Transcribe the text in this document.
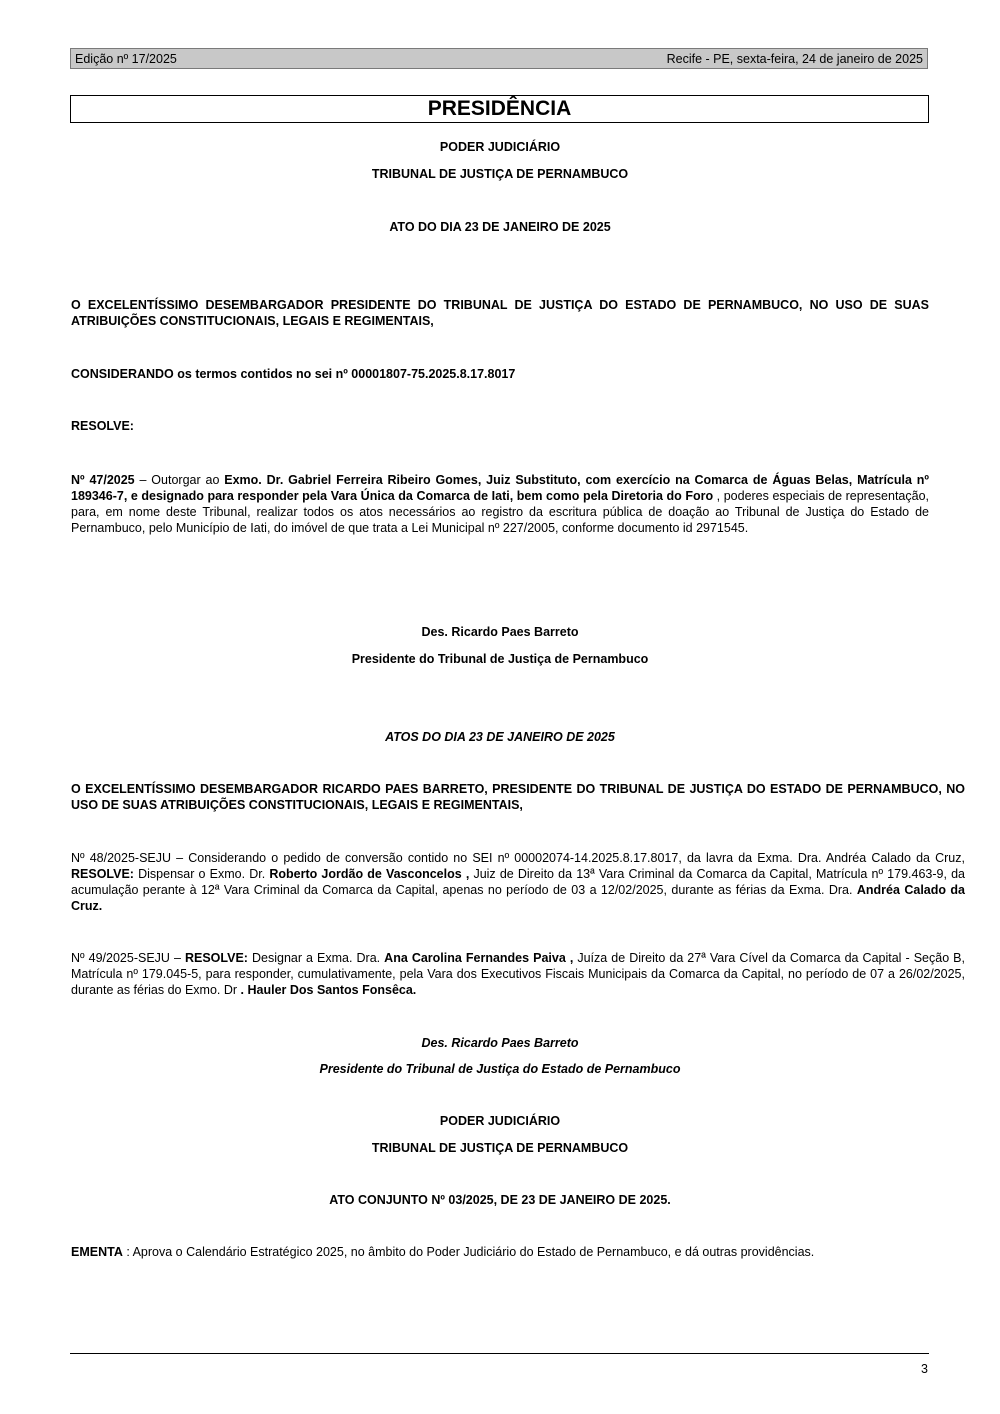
Edição nº 17/2025	Recife - PE, sexta-feira, 24 de janeiro de 2025
PRESIDÊNCIA
PODER JUDICIÁRIO
TRIBUNAL DE JUSTIÇA DE PERNAMBUCO
ATO DO DIA 23 DE JANEIRO DE 2025
O EXCELENTÍSSIMO DESEMBARGADOR PRESIDENTE DO TRIBUNAL DE JUSTIÇA DO ESTADO DE PERNAMBUCO, NO USO DE SUAS ATRIBUIÇÕES CONSTITUCIONAIS, LEGAIS E REGIMENTAIS,
CONSIDERANDO os termos contidos no sei nº 00001807-75.2025.8.17.8017
RESOLVE:
Nº 47/2025 – Outorgar ao Exmo. Dr. Gabriel Ferreira Ribeiro Gomes, Juiz Substituto, com exercício na Comarca de Águas Belas, Matrícula nº 189346-7, e designado para responder pela Vara Única da Comarca de Iati, bem como pela Diretoria do Foro , poderes especiais de representação, para, em nome deste Tribunal, realizar todos os atos necessários ao registro da escritura pública de doação ao Tribunal de Justiça do Estado de Pernambuco, pelo Município de Iati, do imóvel de que trata a Lei Municipal nº 227/2005, conforme documento id 2971545.
Des. Ricardo Paes Barreto
Presidente do Tribunal de Justiça de Pernambuco
ATOS DO DIA 23 DE JANEIRO DE 2025
O EXCELENTÍSSIMO DESEMBARGADOR RICARDO PAES BARRETO, PRESIDENTE DO TRIBUNAL DE JUSTIÇA DO ESTADO DE PERNAMBUCO, NO USO DE SUAS ATRIBUIÇÕES CONSTITUCIONAIS, LEGAIS E REGIMENTAIS,
Nº 48/2025-SEJU – Considerando o pedido de conversão contido no SEI nº 00002074-14.2025.8.17.8017, da lavra da Exma. Dra. Andréa Calado da Cruz, RESOLVE: Dispensar o Exmo. Dr. Roberto Jordão de Vasconcelos , Juiz de Direito da 13ª Vara Criminal da Comarca da Capital, Matrícula nº 179.463-9, da acumulação perante à 12ª Vara Criminal da Comarca da Capital, apenas no período de 03 a 12/02/2025, durante as férias da Exma. Dra. Andréa Calado da Cruz.
Nº 49/2025-SEJU – RESOLVE: Designar a Exma. Dra. Ana Carolina Fernandes Paiva , Juíza de Direito da 27ª Vara Cível da Comarca da Capital - Seção B, Matrícula nº 179.045-5, para responder, cumulativamente, pela Vara dos Executivos Fiscais Municipais da Comarca da Capital, no período de 07 a 26/02/2025, durante as férias do Exmo. Dr . Hauler Dos Santos Fonsêca.
Des. Ricardo Paes Barreto
Presidente do Tribunal de Justiça do Estado de Pernambuco
PODER JUDICIÁRIO
TRIBUNAL DE JUSTIÇA DE PERNAMBUCO
ATO CONJUNTO Nº 03/2025, DE 23 DE JANEIRO DE 2025.
EMENTA : Aprova o Calendário Estratégico 2025, no âmbito do Poder Judiciário do Estado de Pernambuco, e dá outras providências.
3
